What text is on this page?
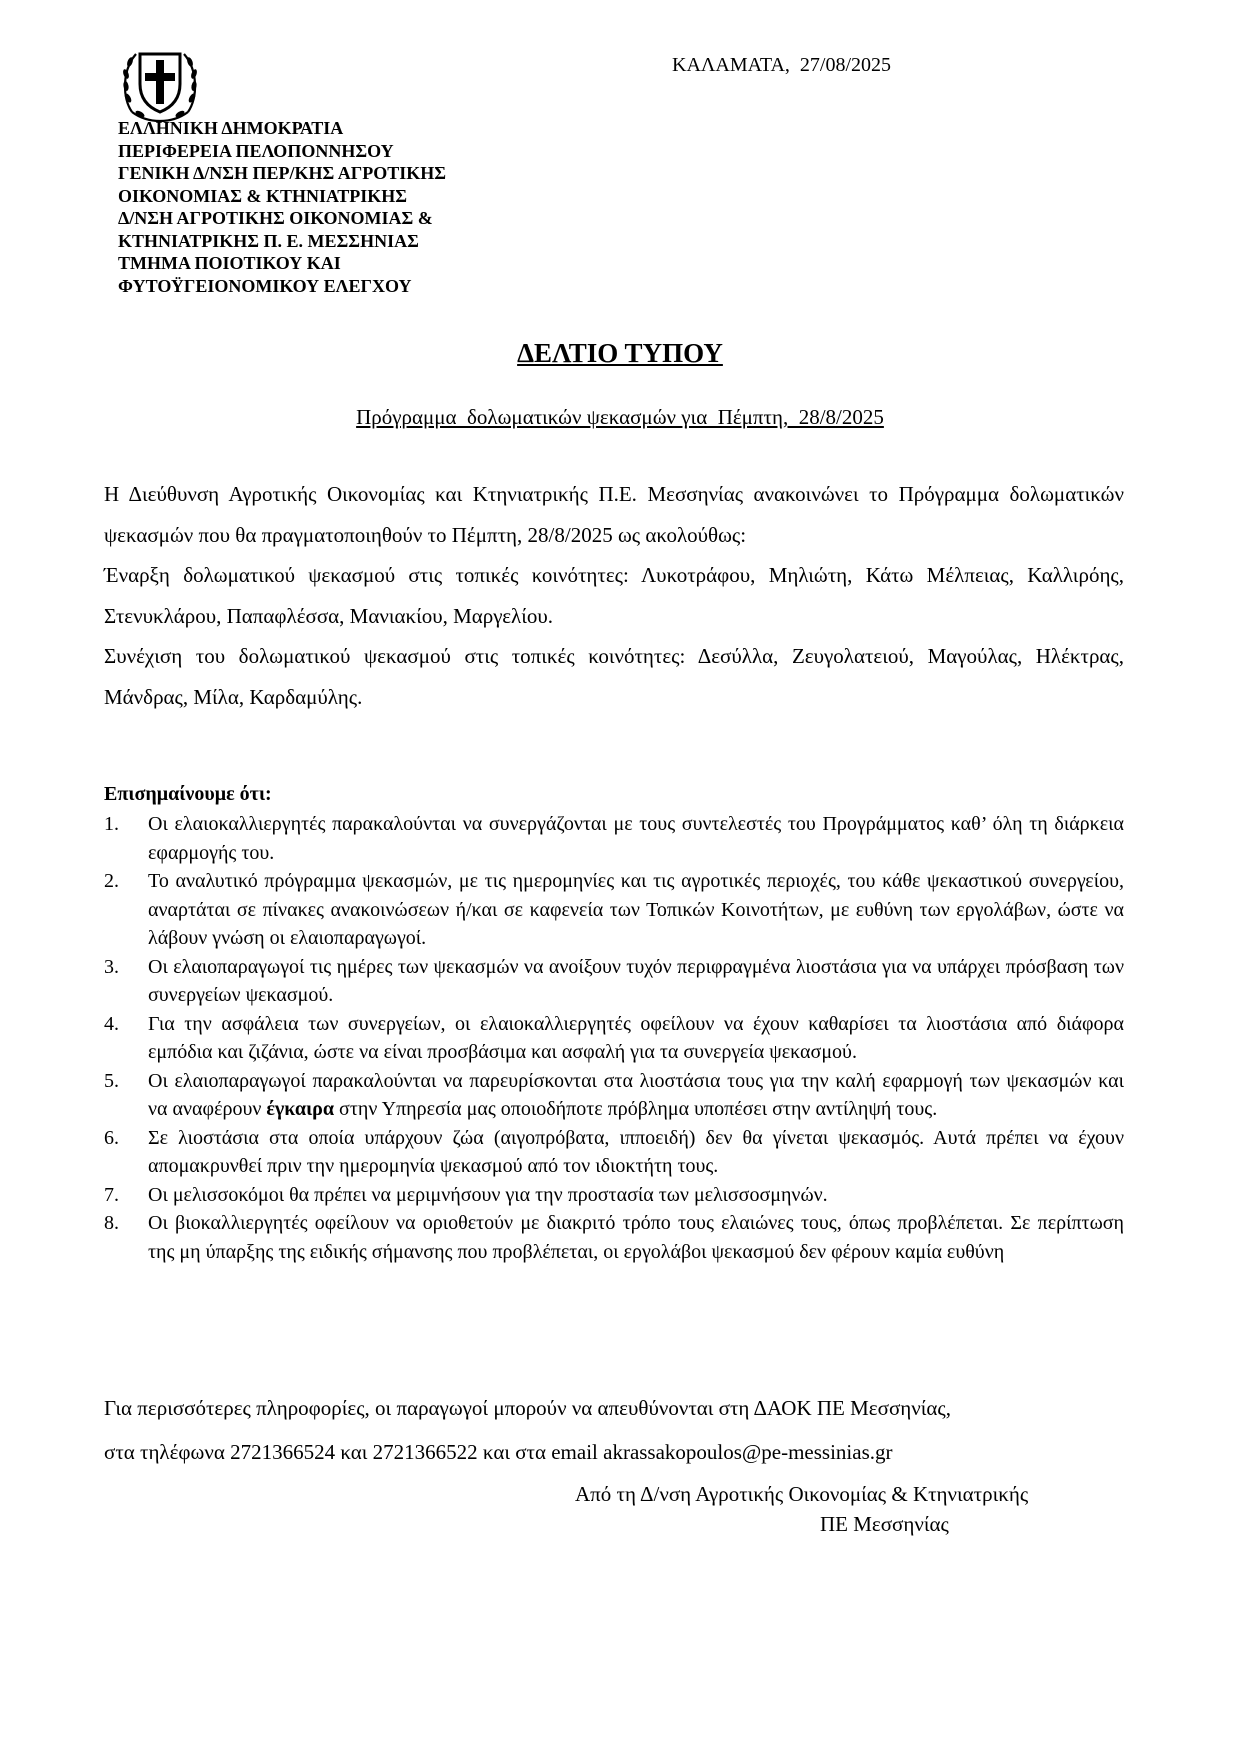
ΚΑΛΑΜΑΤΑ,  27/08/2025
ΕΛΛΗΝΙΚΗ ΔΗΜΟΚΡΑΤΙΑ
ΠΕΡΙΦΕΡΕΙΑ ΠΕΛΟΠΟΝΝΗΣΟΥ
ΓΕΝΙΚΗ Δ/ΝΣΗ ΠΕΡ/ΚΗΣ ΑΓΡΟΤΙΚΗΣ
ΟΙΚΟΝΟΜΙΑΣ & ΚΤΗΝΙΑΤΡΙΚΗΣ
Δ/ΝΣΗ ΑΓΡΟΤΙΚΗΣ ΟΙΚΟΝΟΜΙΑΣ &
ΚΤΗΝΙΑΤΡΙΚΗΣ Π. Ε. ΜΕΣΣΗΝΙΑΣ
ΤΜΗΜΑ ΠΟΙΟΤΙΚΟΥ ΚΑΙ
ΦΥΤΟΫΓΕΙΟΝΟΜΙΚΟΥ ΕΛΕΓΧΟΥ
ΔΕΛΤΙΟ ΤΥΠΟΥ
Πρόγραμμα  δολωματικών ψεκασμών για  Πέμπτη,  28/8/2025

Η Διεύθυνση Αγροτικής Οικονομίας και Κτηνιατρικής Π.Ε. Μεσσηνίας ανακοινώνει το Πρόγραμμα δολωματικών ψεκασμών που θα πραγματοποιηθούν το Πέμπτη, 28/8/2025 ως ακολούθως:

Έναρξη δολωματικού ψεκασμού στις τοπικές κοινότητες: Λυκοτράφου, Μηλιώτη, Κάτω Μέλπειας, Καλλιρόης, Στενυκλάρου, Παπαφλέσσα, Μανιακίου, Μαργελίου.

Συνέχιση του δολωματικού ψεκασμού στις τοπικές κοινότητες: Δεσύλλα, Ζευγολατειού, Μαγούλας, Ηλέκτρας, Μάνδρας, Μίλα, Καρδαμύλης.

Επισημαίνουμε ότι:
1.	Οι ελαιοκαλλιεργητές παρακαλούνται να συνεργάζονται με τους συντελεστές του Προγράμματος καθ’ όλη τη διάρκεια εφαρμογής του.
2.	Το αναλυτικό πρόγραμμα ψεκασμών, με τις ημερομηνίες και τις αγροτικές περιοχές, του κάθε ψεκαστικού συνεργείου, αναρτάται σε πίνακες ανακοινώσεων ή/και σε καφενεία των Τοπικών Κοινοτήτων, με ευθύνη των εργολάβων, ώστε να λάβουν γνώση οι ελαιοπαραγωγοί.
3.	Οι ελαιοπαραγωγοί τις ημέρες των ψεκασμών να ανοίξουν τυχόν περιφραγμένα λιοστάσια για να υπάρχει πρόσβαση των συνεργείων ψεκασμού.
4.	Για την ασφάλεια των συνεργείων, οι ελαιοκαλλιεργητές οφείλουν να έχουν καθαρίσει τα λιοστάσια από διάφορα εμπόδια και ζιζάνια, ώστε να είναι προσβάσιμα και ασφαλή για τα συνεργεία ψεκασμού.
5.	Οι ελαιοπαραγωγοί παρακαλούνται να παρευρίσκονται στα λιοστάσια τους για την καλή εφαρμογή των ψεκασμών και να αναφέρουν έγκαιρα στην Υπηρεσία μας οποιοδήποτε πρόβλημα υποπέσει στην αντίληψή τους.
6.	Σε λιοστάσια στα οποία υπάρχουν ζώα (αιγοπρόβατα, ιπποειδή) δεν θα γίνεται ψεκασμός. Αυτά πρέπει να έχουν απομακρυνθεί πριν την ημερομηνία ψεκασμού από τον ιδιοκτήτη τους.
7.	Οι μελισσοκόμοι θα πρέπει να μεριμνήσουν για την προστασία των μελισσοσμηνών.
8.	Οι βιοκαλλιεργητές οφείλουν να οριοθετούν με διακριτό τρόπο τους ελαιώνες τους, όπως προβλέπεται. Σε περίπτωση της μη ύπαρξης της ειδικής σήμανσης που προβλέπεται, οι εργολάβοι ψεκασμού δεν φέρουν καμία ευθύνη

Για περισσότερες πληροφορίες, οι παραγωγοί μπορούν να απευθύνονται στη ΔΑΟΚ ΠΕ Μεσσηνίας,

στα τηλέφωνα 2721366524 και 2721366522 και στα email akrassakopoulos@pe-messinias.gr

Από τη Δ/νση Αγροτικής Οικονομίας & Κτηνιατρικής
ΠΕ Μεσσηνίας
